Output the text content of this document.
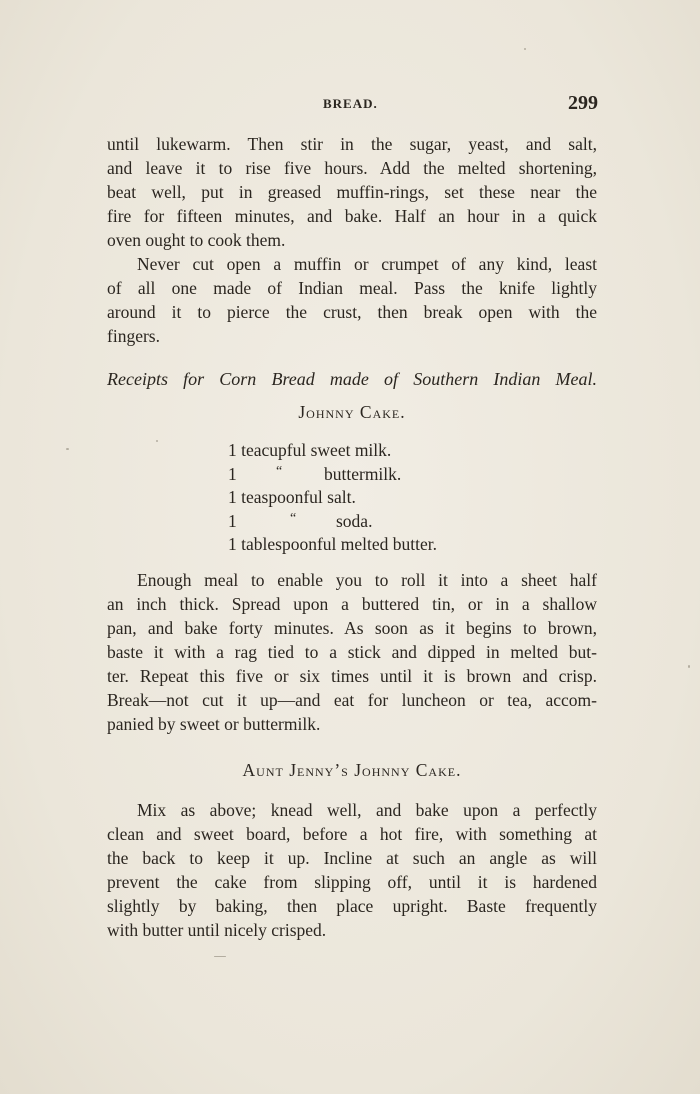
BREAD.	299
until lukewarm. Then stir in the sugar, yeast, and salt,
and leave it to rise five hours. Add the melted shortening,
beat well, put in greased muffin-rings, set these near the
fire for fifteen minutes, and bake. Half an hour in a quick
oven ought to cook them.
Never cut open a muffin or crumpet of any kind, least
of all one made of Indian meal. Pass the knife lightly
around it to pierce the crust, then break open with the
fingers.
Receipts for Corn Bread made of Southern Indian Meal.
Johnny Cake.
1 teacupful sweet milk.
1	“ buttermilk.
1 teaspoonful salt.
1	“ soda.
1 tablespoonful melted butter.
Enough meal to enable you to roll it into a sheet half
an inch thick. Spread upon a buttered tin, or in a shallow
pan, and bake forty minutes. As soon as it begins to brown,
baste it with a rag tied to a stick and dipped in melted but-
ter. Repeat this five or six times until it is brown and crisp.
Break—not cut it up—and eat for luncheon or tea, accom-
panied by sweet or buttermilk.
Aunt Jenny’s Johnny Cake.
Mix as above; knead well, and bake upon a perfectly
clean and sweet board, before a hot fire, with something at
the back to keep it up. Incline at such an angle as will
prevent the cake from slipping off, until it is hardened
slightly by baking, then place upright. Baste frequently
with butter until nicely crisped.
